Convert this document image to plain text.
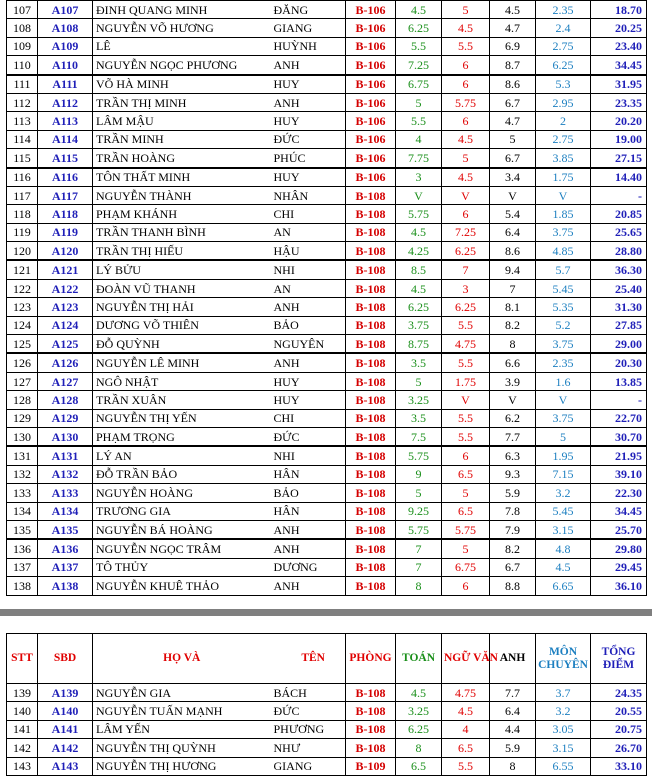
107	A107	ĐINH QUANG MINH	ĐĂNG	B-106	4.5	5	4.5	2.35	18.70
108	A108	NGUYỄN VÕ HƯƠNG	GIANG	B-106	6.25	4.5	4.7	2.4	20.25
109	A109	LÊ	HUỲNH	B-106	5.5	5.5	6.9	2.75	23.40
110	A110	NGUYỄN NGỌC PHƯƠNG	ANH	B-106	7.25	6	8.7	6.25	34.45
111	A111	VÕ HÀ MINH	HUY	B-106	6.75	6	8.6	5.3	31.95
112	A112	TRẦN THỊ MINH	ANH	B-106	5	5.75	6.7	2.95	23.35
113	A113	LÂM MẬU	HUY	B-106	5.5	6	4.7	2	20.20
114	A114	TRẦN MINH	ĐỨC	B-106	4	4.5	5	2.75	19.00
115	A115	TRẦN HOÀNG	PHÚC	B-106	7.75	5	6.7	3.85	27.15
116	A116	TÔN THẤT MINH	HUY	B-106	3	4.5	3.4	1.75	14.40
117	A117	NGUYỄN THÀNH	NHÂN	B-108	V	V	V	V	-
118	A118	PHẠM KHÁNH	CHI	B-108	5.75	6	5.4	1.85	20.85
119	A119	TRẦN THANH BÌNH	AN	B-108	4.5	7.25	6.4	3.75	25.65
120	A120	TRẦN THỊ HIẾU	HẬU	B-108	4.25	6.25	8.6	4.85	28.80
121	A121	LÝ BỬU	NHI	B-108	8.5	7	9.4	5.7	36.30
122	A122	ĐOÀN VŨ THANH	AN	B-108	4.5	3	7	5.45	25.40
123	A123	NGUYỄN THỊ HẢI	ANH	B-108	6.25	6.25	8.1	5.35	31.30
124	A124	DƯƠNG VÕ THIÊN	BẢO	B-108	3.75	5.5	8.2	5.2	27.85
125	A125	ĐỖ QUỲNH	NGUYÊN	B-108	8.75	4.75	8	3.75	29.00
126	A126	NGUYỄN LÊ MINH	ANH	B-108	3.5	5.5	6.6	2.35	20.30
127	A127	NGÔ NHẬT	HUY	B-108	5	1.75	3.9	1.6	13.85
128	A128	TRẦN XUÂN	HUY	B-108	3.25	V	V	V	-
129	A129	NGUYỄN THỊ YẾN	CHI	B-108	3.5	5.5	6.2	3.75	22.70
130	A130	PHẠM TRỌNG	ĐỨC	B-108	7.5	5.5	7.7	5	30.70
131	A131	LÝ AN	NHI	B-108	5.75	6	6.3	1.95	21.95
132	A132	ĐỖ TRẦN BẢO	HÂN	B-108	9	6.5	9.3	7.15	39.10
133	A133	NGUYỄN HOÀNG	BẢO	B-108	5	5	5.9	3.2	22.30
134	A134	TRƯƠNG GIA	HÂN	B-108	9.25	6.5	7.8	5.45	34.45
135	A135	NGUYỄN BÁ HOÀNG	ANH	B-108	5.75	5.75	7.9	3.15	25.70
136	A136	NGUYỄN NGỌC TRÂM	ANH	B-108	7	5	8.2	4.8	29.80
137	A137	TÔ THỦY	DƯƠNG	B-108	7	6.75	6.7	4.5	29.45
138	A138	NGUYỄN KHUÊ THẢO	ANH	B-108	8	6	8.8	6.65	36.10
STT	SBD	HỌ VÀ	TÊN	PHÒNG	TOÁN	NGỮ VĂN	ANH	MÔN CHUYÊN	TỔNG ĐIỂM
139	A139	NGUYỄN GIA	BÁCH	B-108	4.5	4.75	7.7	3.7	24.35
140	A140	NGUYỄN TUẤN MẠNH	ĐỨC	B-108	3.25	4.5	6.4	3.2	20.55
141	A141	LÂM YẾN	PHƯƠNG	B-108	6.25	4	4.4	3.05	20.75
142	A142	NGUYỄN THỊ QUỲNH	NHƯ	B-108	8	6.5	5.9	3.15	26.70
143	A143	NGUYỄN THỊ HƯƠNG	GIANG	B-109	6.5	5.5	8	6.55	33.10
